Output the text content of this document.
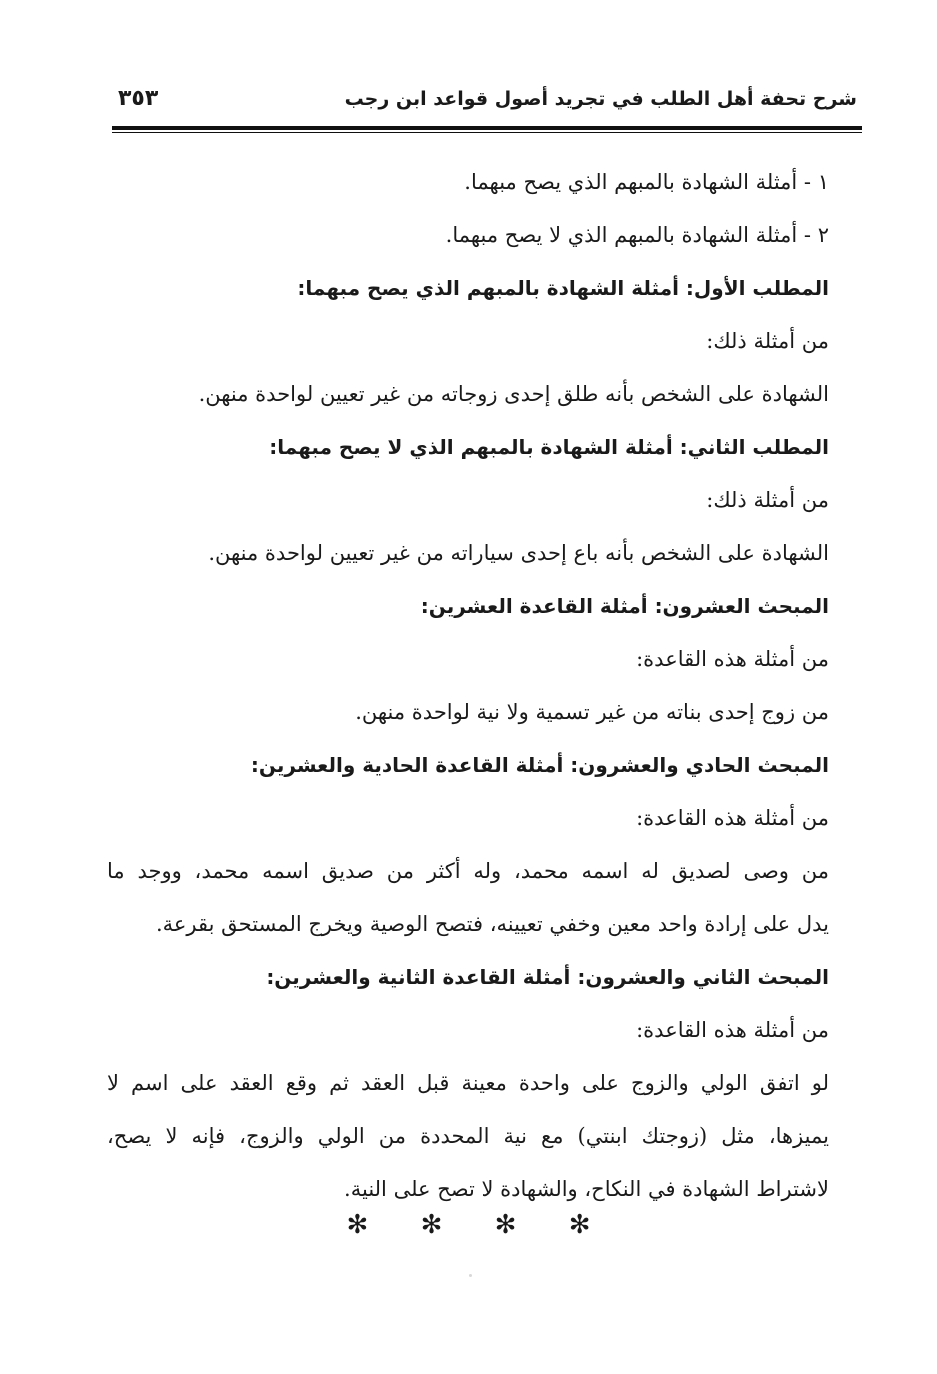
شرح تحفة أهل الطلب في تجريد أصول قواعد ابن رجب
٣٥٣
١ - أمثلة الشهادة بالمبهم الذي يصح مبهما.
٢ - أمثلة الشهادة بالمبهم الذي لا يصح مبهما.
المطلب الأول: أمثلة الشهادة بالمبهم الذي يصح مبهما:
من أمثلة ذلك:
الشهادة على الشخص بأنه طلق إحدى زوجاته من غير تعيين لواحدة منهن.
المطلب الثاني: أمثلة الشهادة بالمبهم الذي لا يصح مبهما:
من أمثلة ذلك:
الشهادة على الشخص بأنه باع إحدى سياراته من غير تعيين لواحدة منهن.
المبحث العشرون: أمثلة القاعدة العشرين:
من أمثلة هذه القاعدة:
من زوج إحدى بناته من غير تسمية ولا نية لواحدة منهن.
المبحث الحادي والعشرون: أمثلة القاعدة الحادية والعشرين:
من أمثلة هذه القاعدة:
من وصى لصديق له اسمه محمد، وله أكثر من صديق اسمه محمد، ووجد ما
يدل على إرادة واحد معين وخفي تعيينه، فتصح الوصية ويخرج المستحق بقرعة.
المبحث الثاني والعشرون: أمثلة القاعدة الثانية والعشرين:
من أمثلة هذه القاعدة:
لو اتفق الولي والزوج على واحدة معينة قبل العقد ثم وقع العقد على اسم لا
يميزها، مثل (زوجتك ابنتي) مع نية المحددة من الولي والزوج، فإنه لا يصح،
لاشتراط الشهادة في النكاح، والشهادة لا تصح على النية.
✻ ✻ ✻ ✻
